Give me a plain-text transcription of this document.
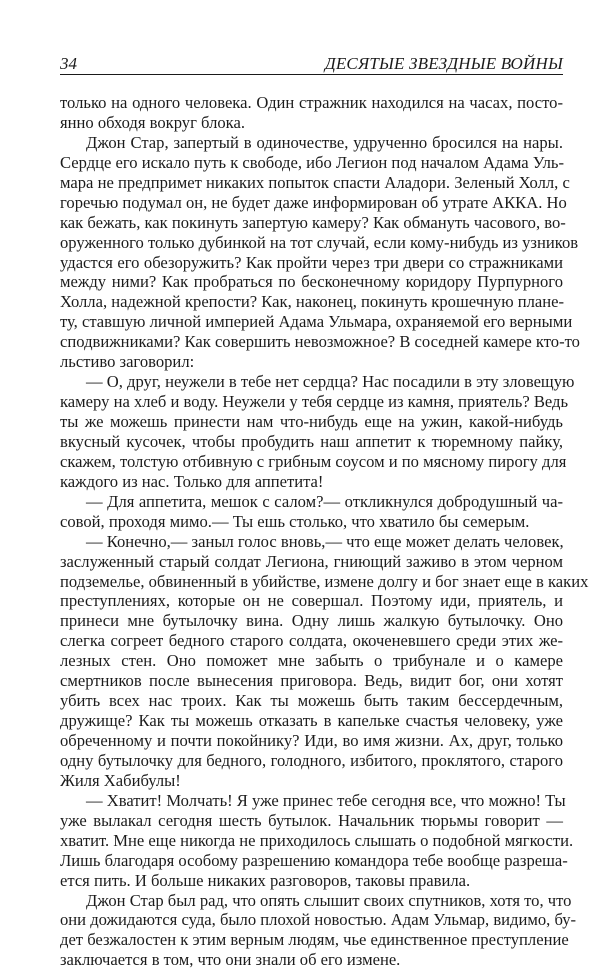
34	ДЕСЯТЫЕ ЗВЕЗДНЫЕ ВОЙНЫ
только на одного человека. Один стражник находился на часах, посто-
янно обходя вокруг блока.
Джон Стар, запертый в одиночестве, удрученно бросился на нары.
Сердце его искало путь к свободе, ибо Легион под началом Адама Уль-
мара не предпримет никаких попыток спасти Аладори. Зеленый Холл, с
горечью подумал он, не будет даже информирован об утрате АККА. Но
как бежать, как покинуть запертую камеру? Как обмануть часового, во-
оруженного только дубинкой на тот случай, если кому-нибудь из узников
удастся его обезоружить? Как пройти через три двери со стражниками
между ними? Как пробраться по бесконечному коридору Пурпурного
Холла, надежной крепости? Как, наконец, покинуть крошечную плане-
ту, ставшую личной империей Адама Ульмара, охраняемой его верными
сподвижниками? Как совершить невозможное? В соседней камере кто-то
льстиво заговорил:
— О, друг, неужели в тебе нет сердца? Нас посадили в эту зловещую
камеру на хлеб и воду. Неужели у тебя сердце из камня, приятель? Ведь
ты же можешь принести нам что-нибудь еще на ужин, какой-нибудь
вкусный кусочек, чтобы пробудить наш аппетит к тюремному пайку,
скажем, толстую отбивную с грибным соусом и по мясному пирогу для
каждого из нас. Только для аппетита!
— Для аппетита, мешок с салом?— откликнулся добродушный ча-
совой, проходя мимо.— Ты ешь столько, что хватило бы семерым.
— Конечно,— заныл голос вновь,— что еще может делать человек,
заслуженный старый солдат Легиона, гниющий заживо в этом черном
подземелье, обвиненный в убийстве, измене долгу и бог знает еще в каких
преступлениях, которые он не совершал. Поэтому иди, приятель, и
принеси мне бутылочку вина. Одну лишь жалкую бутылочку. Оно
слегка согреет бедного старого солдата, окоченевшего среди этих же-
лезных стен. Оно поможет мне забыть о трибунале и о камере
смертников после вынесения приговора. Ведь, видит бог, они хотят
убить всех нас троих. Как ты можешь быть таким бессердечным,
дружище? Как ты можешь отказать в капельке счастья человеку, уже
обреченному и почти покойнику? Иди, во имя жизни. Ах, друг, только
одну бутылочку для бедного, голодного, избитого, проклятого, старого
Жиля Хабибулы!
— Хватит! Молчать! Я уже принес тебе сегодня все, что можно! Ты
уже вылакал сегодня шесть бутылок. Начальник тюрьмы говорит —
хватит. Мне еще никогда не приходилось слышать о подобной мягкости.
Лишь благодаря особому разрешению командора тебе вообще разреша-
ется пить. И больше никаких разговоров, таковы правила.
Джон Стар был рад, что опять слышит своих спутников, хотя то, что
они дожидаются суда, было плохой новостью. Адам Ульмар, видимо, бу-
дет безжалостен к этим верным людям, чье единственное преступление
заключается в том, что они знали об его измене.
